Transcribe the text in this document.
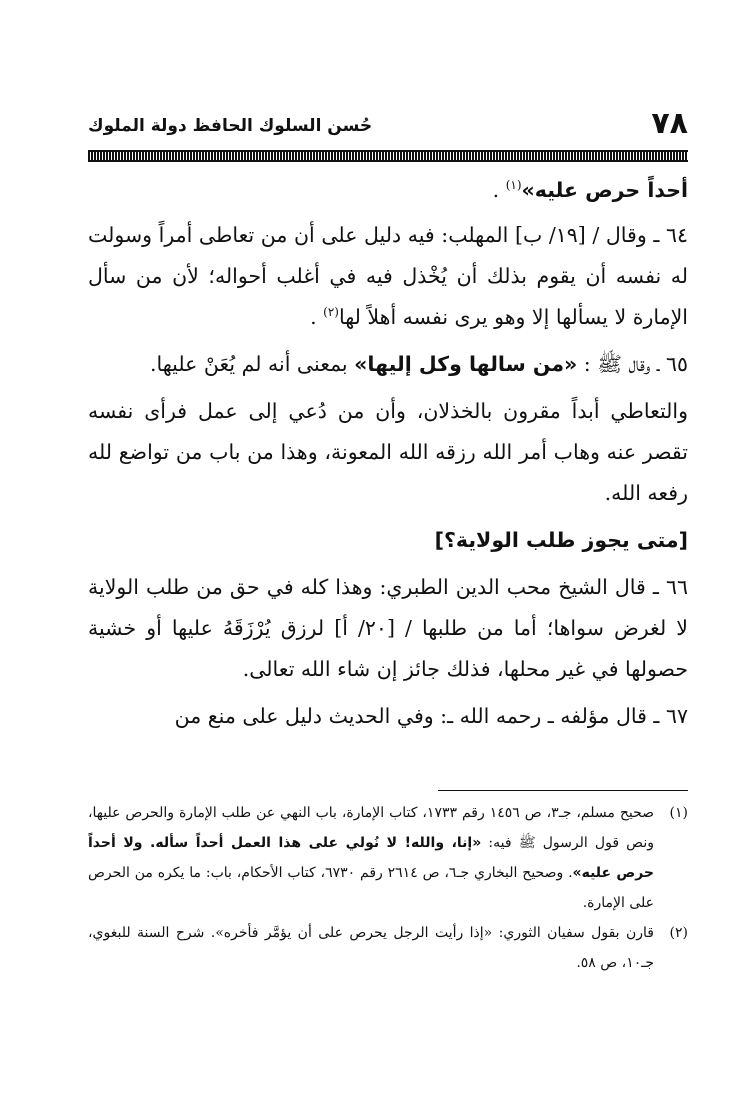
٧٨
حُسن السلوك الحافظ دولة الملوك

أحداً حرص عليه»$^{(١)}$ .

٦٤ ـ وقال / [١٩/ ب] المهلب: فيه دليل على أن من تعاطى أمراً وسولت له نفسه أن يقوم بذلك أن يُخْذل فيه في أغلب أحواله؛ لأن من سأل الإمارة لا يسألها إلا وهو يرى نفسه أهلاً لها$^{(٢)}$ .

٦٥ ـ وقال ﷺ : «من سالها وكل إليها» بمعنى أنه لم يُعَنْ عليها.

والتعاطي أبداً مقرون بالخذلان، وأن من دُعي إلى عمل فرأى نفسه تقصر عنه وهاب أمر الله رزقه الله المعونة، وهذا من باب من تواضع لله رفعه الله.

[متى يجوز طلب الولاية؟]

٦٦ ـ قال الشيخ محب الدين الطبري: وهذا كله في حق من طلب الولاية لا لغرض سواها؛ أما من طلبها / [٢٠/ أ] لرزق يُرْزَقَهُ عليها أو خشية حصولها في غير محلها، فذلك جائز إن شاء الله تعالى.

٦٧ ـ قال مؤلفه ـ رحمه الله ـ: وفي الحديث دليل على منع من

(١)
صحيح مسلم، جـ٣، ص ١٤٥٦ رقم ١٧٣٣، كتاب الإمارة، باب النهي عن طلب الإمارة والحرص عليها، ونص قول الرسول ﷺ فيه: «إنا، والله! لا نُولي على هذا العمل أحداً سأله. ولا أحداً حرص عليه». وصحيح البخاري جـ٦، ص ٢٦١٤ رقم ٦٧٣٠، كتاب الأحكام، باب: ما يكره من الحرص على الإمارة.

(٢)
قارن بقول سفيان الثوري: «إذا رأيت الرجل يحرص على أن يؤمَّر فأخره». شرح السنة للبغوي، جـ١٠، ص ٥٨.
